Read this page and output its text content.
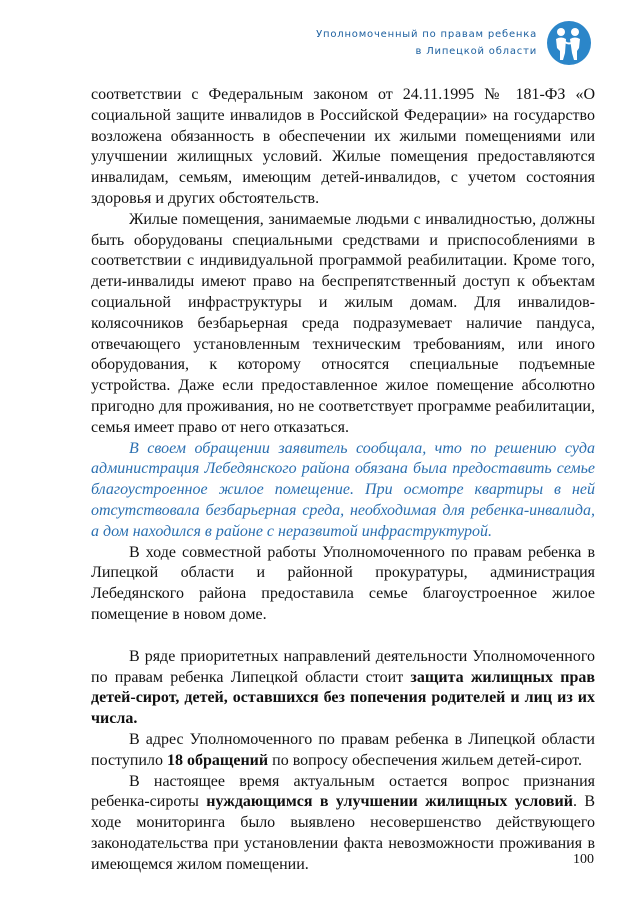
Уполномоченный по правам ребенка
в Липецкой области

соответствии с Федеральным законом от 24.11.1995 № 181-ФЗ «О социальной защите инвалидов в Российской Федерации» на государство возложена обязанность в обеспечении их жилыми помещениями или улучшении жилищных условий. Жилые помещения предоставляются инвалидам, семьям, имеющим детей-инвалидов, с учетом состояния здоровья и других обстоятельств.

Жилые помещения, занимаемые людьми с инвалидностью, должны быть оборудованы специальными средствами и приспособлениями в соответствии с индивидуальной программой реабилитации. Кроме того, дети-инвалиды имеют право на беспрепятственный доступ к объектам социальной инфраструктуры и жилым домам. Для инвалидов-колясочников безбарьерная среда подразумевает наличие пандуса, отвечающего установленным техническим требованиям, или иного оборудования, к которому относятся специальные подъемные устройства. Даже если предоставленное жилое помещение абсолютно пригодно для проживания, но не соответствует программе реабилитации, семья имеет право от него отказаться.

В своем обращении заявитель сообщала, что по решению суда администрация Лебедянского района обязана была предоставить семье благоустроенное жилое помещение. При осмотре квартиры в ней отсутствовала безбарьерная среда, необходимая для ребенка-инвалида, а дом находился в районе с неразвитой инфраструктурой.

В ходе совместной работы Уполномоченного по правам ребенка в Липецкой области и районной прокуратуры, администрация Лебедянского района предоставила семье благоустроенное жилое помещение в новом доме.

В ряде приоритетных направлений деятельности Уполномоченного по правам ребенка Липецкой области стоит защита жилищных прав детей-сирот, детей, оставшихся без попечения родителей и лиц из их числа.

В адрес Уполномоченного по правам ребенка в Липецкой области поступило 18 обращений по вопросу обеспечения жильем детей-сирот.

В настоящее время актуальным остается вопрос признания ребенка-сироты нуждающимся в улучшении жилищных условий. В ходе мониторинга было выявлено несовершенство действующего законодательства при установлении факта невозможности проживания в имеющемся жилом помещении.	100
